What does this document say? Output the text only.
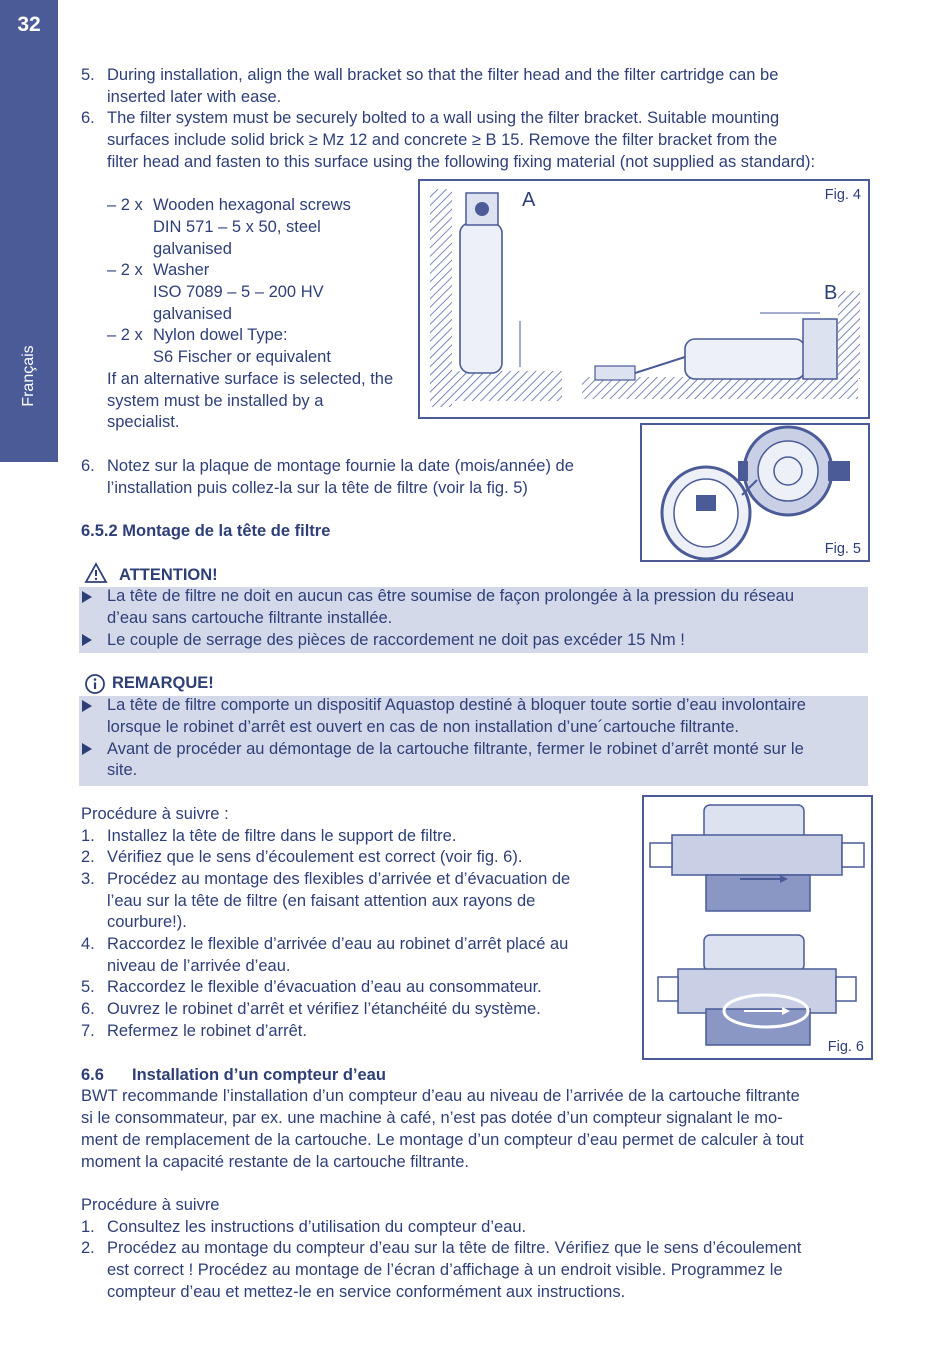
32
Français
5. During installation, align the wall bracket so that the filter head and the filter cartridge can be
inserted later with ease.
6. The filter system must be securely bolted to a wall using the filter bracket. Suitable mounting
surfaces include solid brick ≥ Mz 12 and concrete ≥ B 15. Remove the filter bracket from the
filter head and fasten to this surface using the following fixing material (not supplied as standard):
– 2 x Wooden hexagonal screws
DIN 571 – 5 x 50, steel
galvanised
– 2 x Washer
ISO 7089 – 5 – 200 HV
galvanised
– 2 x Nylon dowel Type:
S6 Fischer or equivalent
If an alternative surface is selected, the
system must be installed by a
specialist.
Fig. 4
A
B
6. Notez sur la plaque de montage fournie la date (mois/année) de
l’installation puis collez-la sur la tête de filtre (voir la fig. 5)
Fig. 5
6.5.2 Montage de la tête de filtre
ATTENTION!
La tête de filtre ne doit en aucun cas être soumise de façon prolongée à la pression du réseau
d’eau sans cartouche filtrante installée.
Le couple de serrage des pièces de raccordement ne doit pas excéder 15 Nm !
REMARQUE!
La tête de filtre comporte un dispositif Aquastop destiné à bloquer toute sortie d’eau involontaire
lorsque le robinet d’arrêt est ouvert en cas de non installation d’une´cartouche filtrante.
Avant de procéder au démontage de la cartouche filtrante, fermer le robinet d’arrêt monté sur le
site.
Procédure à suivre :
1. Installez la tête de filtre dans le support de filtre.
2. Vérifiez que le sens d’écoulement est correct (voir fig. 6).
3. Procédez au montage des flexibles d’arrivée et d’évacuation de
l’eau sur la tête de filtre (en faisant attention aux rayons de
courbure!).
4. Raccordez le flexible d’arrivée d’eau au robinet d’arrêt placé au
niveau de l’arrivée d’eau.
5. Raccordez le flexible d’évacuation d’eau au consommateur.
6. Ouvrez le robinet d’arrêt et vérifiez l’étanchéité du système.
7. Refermez le robinet d’arrêt.
Fig. 6
6.6 Installation d’un compteur d’eau
BWT recommande l’installation d’un compteur d’eau au niveau de l’arrivée de la cartouche filtrante
si le consommateur, par ex. une machine à café, n’est pas dotée d’un compteur signalant le mo-
ment de remplacement de la cartouche. Le montage d’un compteur d’eau permet de calculer à tout
moment la capacité restante de la cartouche filtrante.
Procédure à suivre
1. Consultez les instructions d’utilisation du compteur d’eau.
2. Procédez au montage du compteur d’eau sur la tête de filtre. Vérifiez que le sens d’écoulement
est correct ! Procédez au montage de l’écran d’affichage à un endroit visible. Programmez le
compteur d’eau et mettez-le en service conformément aux instructions.
